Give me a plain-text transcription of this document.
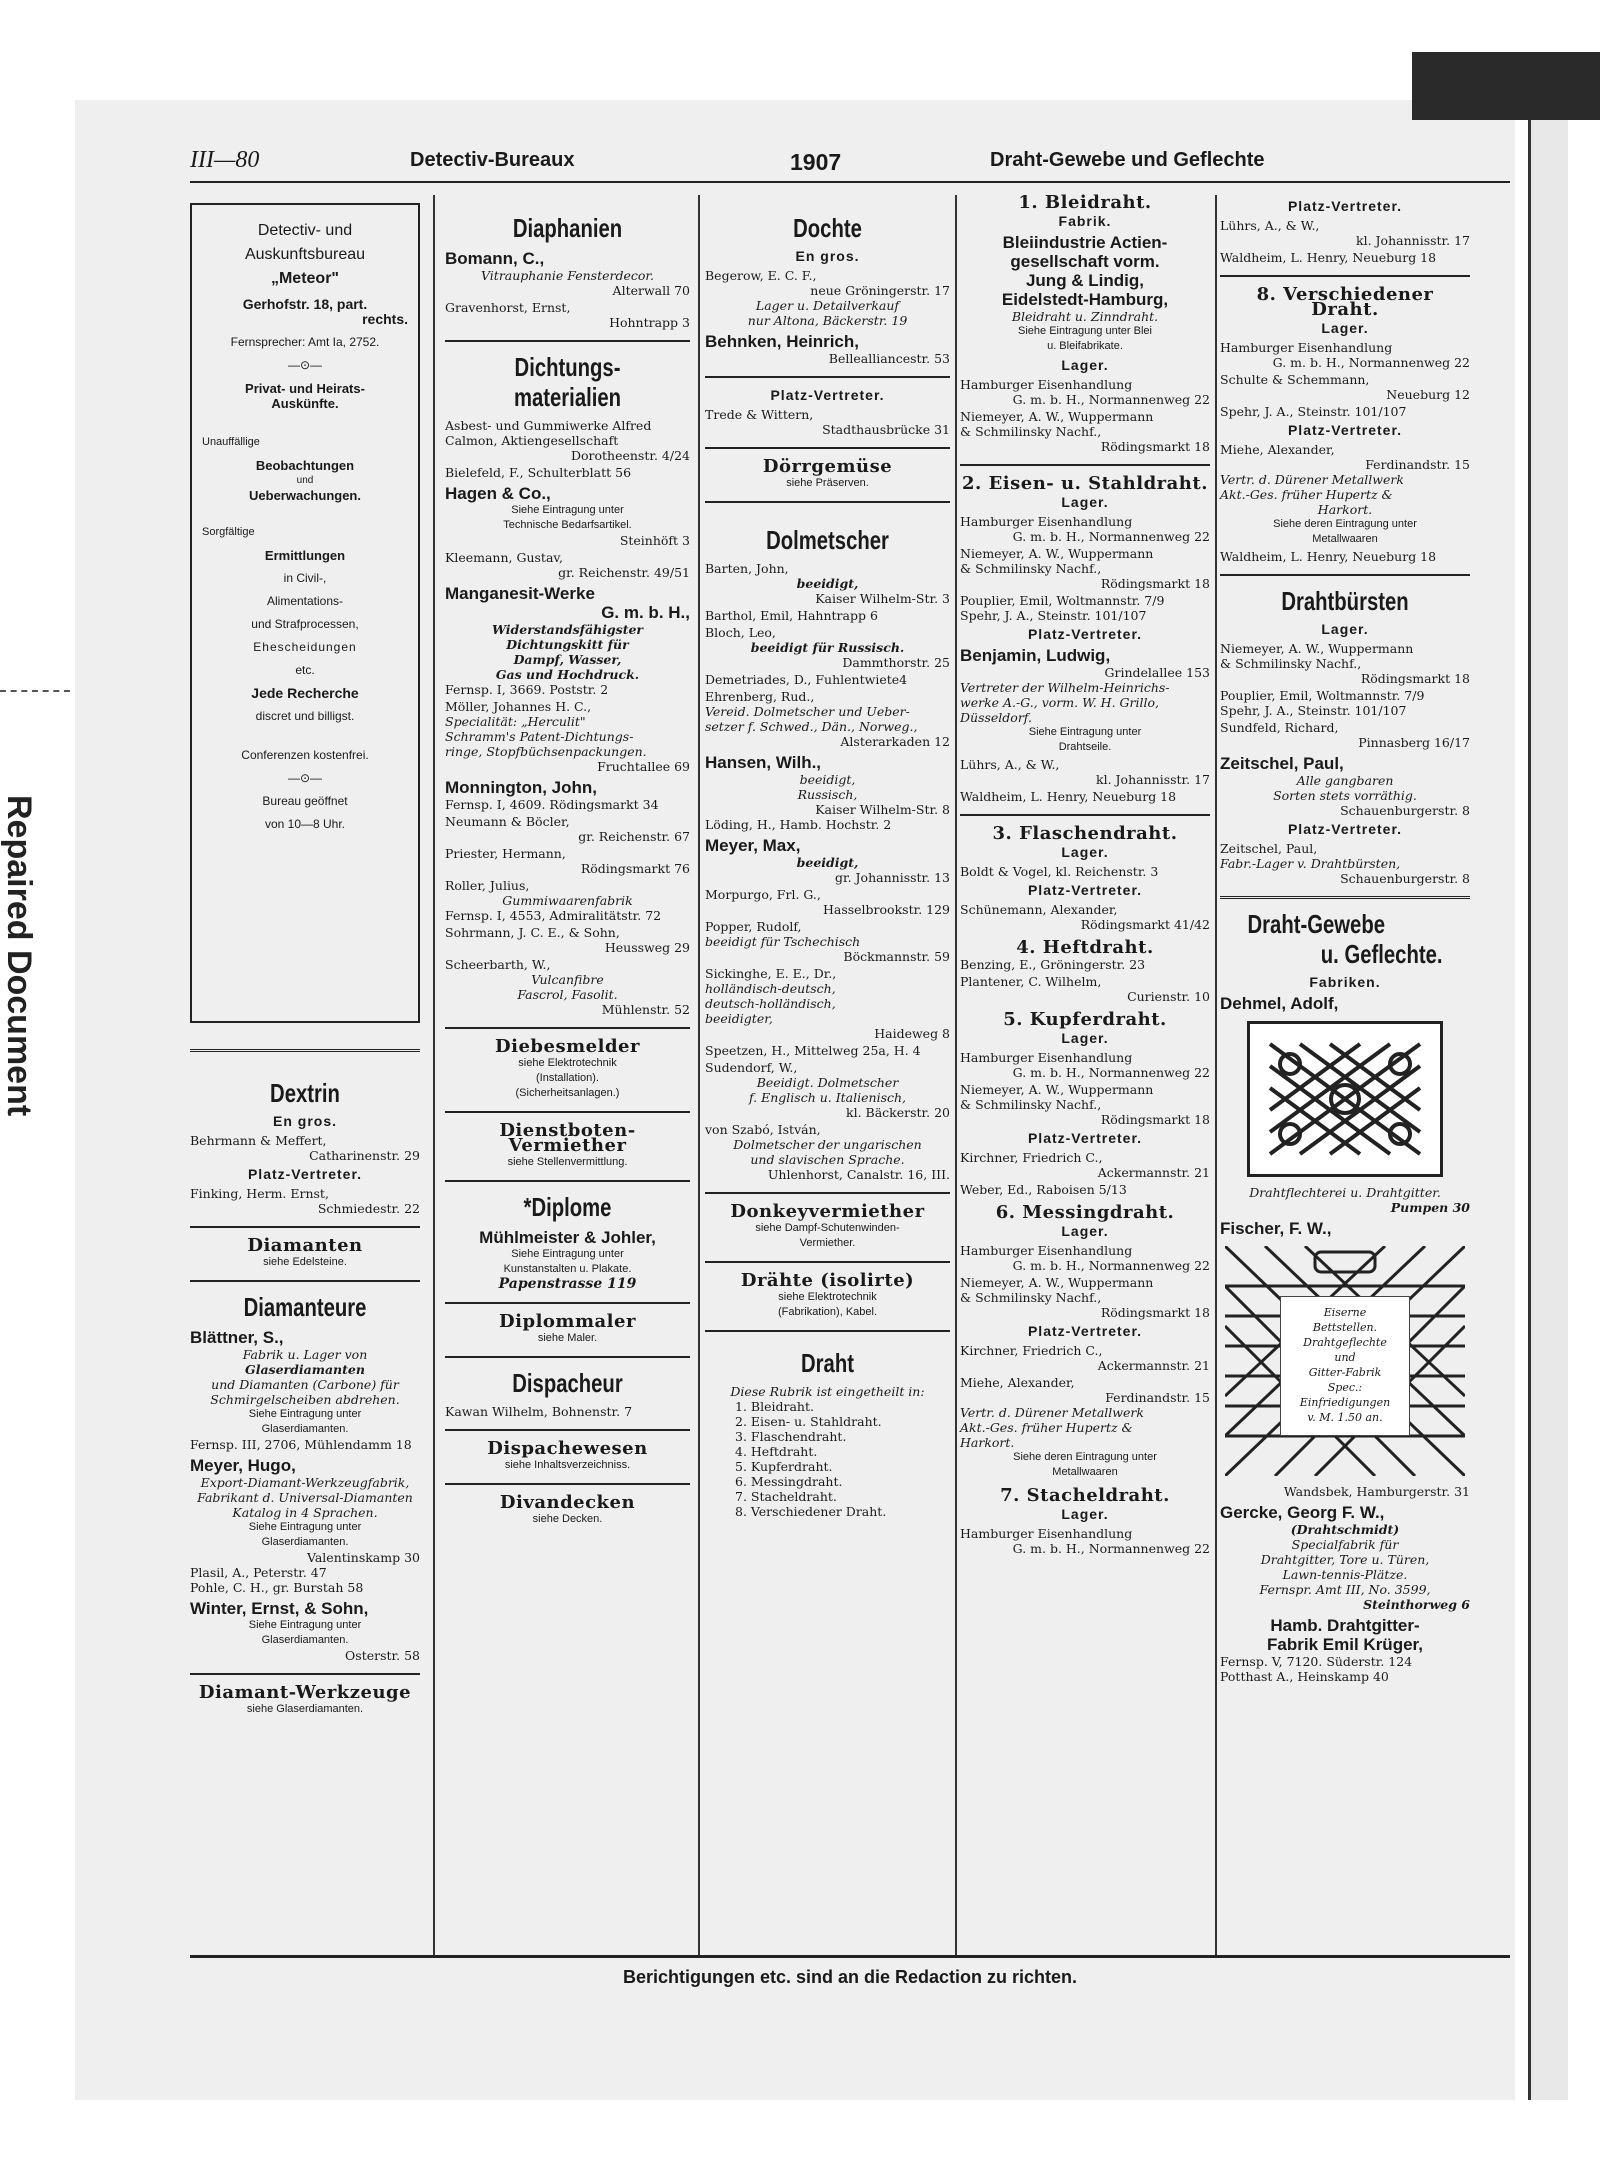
Repaired Document
III—80	Detectiv-Bureaux	1907	Draht-Gewebe und Geflechte
Detectiv- und
Auskunftsbureau
„Meteor"
Gerhofstr. 18, part.
rechts.

Fernsprecher: Amt Ia, 2752.

—⊙—

Privat- und Heirats-
Auskünfte.

Unauffällige

Beobachtungen
und
Ueberwachungen.

Sorgfältige

Ermittlungen

in Civil-,

Alimentations-

und Strafprocessen,

Ehescheidungen

etc.

Jede Recherche

discret und billigst.

Conferenzen kostenfrei.

—⊙—

Bureau geöffnet

von 10—8 Uhr.

Dextrin
En gros.
Behrmann & Meffert,
Catharinenstr. 29
Platz-Vertreter.
Finking, Herm. Ernst,
Schmiedestr. 22
Diamanten
siehe Edelsteine.
Diamanteure
Blättner, S.,
Fabrik u. Lager von
Glaserdiamanten
und Diamanten (Carbone) für
Schmirgelscheiben abdrehen.
Siehe Eintragung unter
Glaserdiamanten.
Fernsp. III, 2706, Mühlendamm 18
Meyer, Hugo,
Export-Diamant-Werkzeugfabrik,
Fabrikant d. Universal-Diamanten
Katalog in 4 Sprachen.
Siehe Eintragung unter
Glaserdiamanten.
Valentinskamp 30
Plasil, A., Peterstr. 47
Pohle, C. H., gr. Burstah 58
Winter, Ernst, & Sohn,
Siehe Eintragung unter
Glaserdiamanten.
Osterstr. 58
Diamant-Werkzeuge
siehe Glaserdiamanten.
Diaphanien
Bomann, C.,
Vitrauphanie Fensterdecor.
Alterwall 70
Gravenhorst, Ernst,
Hohntrapp 3
Dichtungs-
materialien
Asbest- und Gummiwerke Alfred
Calmon, Aktiengesellschaft
Dorotheenstr. 4/24
Bielefeld, F., Schulterblatt 56
Hagen & Co.,
Siehe Eintragung unter
Technische Bedarfsartikel.
Steinhöft 3
Kleemann, Gustav,
gr. Reichenstr. 49/51
Manganesit-Werke
G. m. b. H.,
Widerstandsfähigster
Dichtungskitt für
Dampf, Wasser,
Gas und Hochdruck.
Fernsp. I, 3669. Poststr. 2
Möller, Johannes H. C.,
Specialität: „Herculit"
Schramm's Patent-Dichtungs-
ringe, Stopfbüchsenpackungen.
Fruchtallee 69
Monnington, John,
Fernsp. I, 4609. Rödingsmarkt 34
Neumann & Böcler,
gr. Reichenstr. 67
Priester, Hermann,
Rödingsmarkt 76
Roller, Julius,
Gummiwaarenfabrik
Fernsp. I, 4553, Admiralitätstr. 72
Sohrmann, J. C. E., & Sohn,
Heussweg 29
Scheerbarth, W.,
Vulcanfibre
Fascrol, Fasolit.
Mühlenstr. 52
Diebesmelder
siehe Elektrotechnik
(Installation).
(Sicherheitsanlagen.)
Dienstboten-Vermiether
siehe Stellenvermittlung.
*Diplome
Mühlmeister & Johler,
Siehe Eintragung unter
Kunstanstalten u. Plakate.
Papenstrasse 119
Diplommaler
siehe Maler.
Dispacheur
Kawan Wilhelm, Bohnenstr. 7
Dispachewesen
siehe Inhaltsverzeichniss.
Divandecken
siehe Decken.
Dochte
En gros.
Begerow, E. C. F.,
neue Gröningerstr. 17
Lager u. Detailverkauf
nur Altona, Bäckerstr. 19
Behnken, Heinrich,
Bellealliancestr. 53
Platz-Vertreter.
Trede & Wittern,
Stadthausbrücke 31
Dörrgemüse
siehe Präserven.
Dolmetscher
Barten, John,
beeidigt,
Kaiser Wilhelm-Str. 3
Barthol, Emil, Hahntrapp 6
Bloch, Leo,
beeidigt für Russisch.
Dammthorstr. 25
Demetriades, D., Fuhlentwiete4
Ehrenberg, Rud.,
Vereid. Dolmetscher und Ueber-
setzer f. Schwed., Dän., Norweg.,
Alsterarkaden 12
Hansen, Wilh.,
beeidigt,
Russisch,
Kaiser Wilhelm-Str. 8
Löding, H., Hamb. Hochstr. 2
Meyer, Max,
beeidigt,
gr. Johannisstr. 13
Morpurgo, Frl. G.,
Hasselbrookstr. 129
Popper, Rudolf,
beeidigt für Tschechisch
Böckmannstr. 59
Sickinghe, E. E., Dr.,
holländisch-deutsch,
deutsch-holländisch,
beeidigter,
Haideweg 8
Speetzen, H., Mittelweg 25a, H. 4
Sudendorf, W.,
Beeidigt. Dolmetscher
f. Englisch u. Italienisch,
kl. Bäckerstr. 20
von Szabó, István,
Dolmetscher der ungarischen
und slavischen Sprache.
Uhlenhorst, Canalstr. 16, III.
Donkeyvermiether
siehe Dampf-Schutenwinden-
Vermiether.
Drähte (isolirte)
siehe Elektrotechnik
(Fabrikation), Kabel.
Draht
Diese Rubrik ist eingetheilt in:
1. Bleidraht.
2. Eisen- u. Stahldraht.
3. Flaschendraht.
4. Heftdraht.
5. Kupferdraht.
6. Messingdraht.
7. Stacheldraht.
8. Verschiedener Draht.
1. Bleidraht.
Fabrik.
Bleiindustrie Actien-
gesellschaft vorm.
Jung & Lindig,
Eidelstedt-Hamburg,
Bleidraht u. Zinndraht.
Siehe Eintragung unter Blei
u. Bleifabrikate.
Lager.
Hamburger Eisenhandlung
G. m. b. H., Normannenweg 22
Niemeyer, A. W., Wuppermann
& Schmilinsky Nachf.,
Rödingsmarkt 18
2. Eisen- u. Stahldraht.
Lager.
Hamburger Eisenhandlung
G. m. b. H., Normannenweg 22
Niemeyer, A. W., Wuppermann
& Schmilinsky Nachf.,
Rödingsmarkt 18
Pouplier, Emil, Woltmannstr. 7/9
Spehr, J. A., Steinstr. 101/107
Platz-Vertreter.
Benjamin, Ludwig,
Grindelallee 153
Vertreter der Wilhelm-Heinrichs-
werke A.-G., vorm. W. H. Grillo,
Düsseldorf.
Siehe Eintragung unter
Drahtseile.
Lührs, A., & W.,
kl. Johannisstr. 17
Waldheim, L. Henry, Neueburg 18
3. Flaschendraht.
Lager.
Boldt & Vogel, kl. Reichenstr. 3
Platz-Vertreter.
Schünemann, Alexander,
Rödingsmarkt 41/42
4. Heftdraht.
Benzing, E., Gröningerstr. 23
Plantener, C. Wilhelm,
Curienstr. 10
5. Kupferdraht.
Lager.
Hamburger Eisenhandlung
G. m. b. H., Normannenweg 22
Niemeyer, A. W., Wuppermann
& Schmilinsky Nachf.,
Rödingsmarkt 18
Platz-Vertreter.
Kirchner, Friedrich C.,
Ackermannstr. 21
Weber, Ed., Raboisen 5/13
6. Messingdraht.
Lager.
Hamburger Eisenhandlung
G. m. b. H., Normannenweg 22
Niemeyer, A. W., Wuppermann
& Schmilinsky Nachf.,
Rödingsmarkt 18
Platz-Vertreter.
Kirchner, Friedrich C.,
Ackermannstr. 21
Miehe, Alexander,
Ferdinandstr. 15
Vertr. d. Dürener Metallwerk
Akt.-Ges. früher Hupertz &
Harkort.
Siehe deren Eintragung unter
Metallwaaren
7. Stacheldraht.
Lager.
Hamburger Eisenhandlung
G. m. b. H., Normannenweg 22
Platz-Vertreter.
Lührs, A., & W.,
kl. Johannisstr. 17
Waldheim, L. Henry, Neueburg 18
8. Verschiedener Draht.
Lager.
Hamburger Eisenhandlung
G. m. b. H., Normannenweg 22
Schulte & Schemmann,
Neueburg 12
Spehr, J. A., Steinstr. 101/107
Platz-Vertreter.
Miehe, Alexander,
Ferdinandstr. 15
Vertr. d. Dürener Metallwerk
Akt.-Ges. früher Hupertz &
Harkort.
Siehe deren Eintragung unter
Metallwaaren
Waldheim, L. Henry, Neueburg 18
Drahtbürsten
Lager.
Niemeyer, A. W., Wuppermann
& Schmilinsky Nachf.,
Rödingsmarkt 18
Pouplier, Emil, Woltmannstr. 7/9
Spehr, J. A., Steinstr. 101/107
Sundfeld, Richard,
Pinnasberg 16/17
Zeitschel, Paul,
Alle gangbaren
Sorten stets vorräthig.
Schauenburgerstr. 8
Platz-Vertreter.
Zeitschel, Paul,
Fabr.-Lager v. Drahtbürsten,
Schauenburgerstr. 8
Draht-Gewebe
u. Geflechte.
Fabriken.
Dehmel, Adolf,
Drahtflechterei u. Drahtgitter.
Pumpen 30
Fischer, F. W.,
Eiserne
Bettstellen.
Drahtgeflechte
und
Gitter-Fabrik
Spec.:
Einfriedigungen
v. M. 1.50 an.
Wandsbek, Hamburgerstr. 31
Gercke, Georg F. W.,
(Drahtschmidt)
Specialfabrik für
Drahtgitter, Tore u. Türen,
Lawn-tennis-Plätze.
Fernspr. Amt III, No. 3599,
Steinthorweg 6
Hamb. Drahtgitter-
Fabrik Emil Krüger,
Fernsp. V, 7120. Süderstr. 124
Potthast A., Heinskamp 40
Berichtigungen etc. sind an die Redaction zu richten.
